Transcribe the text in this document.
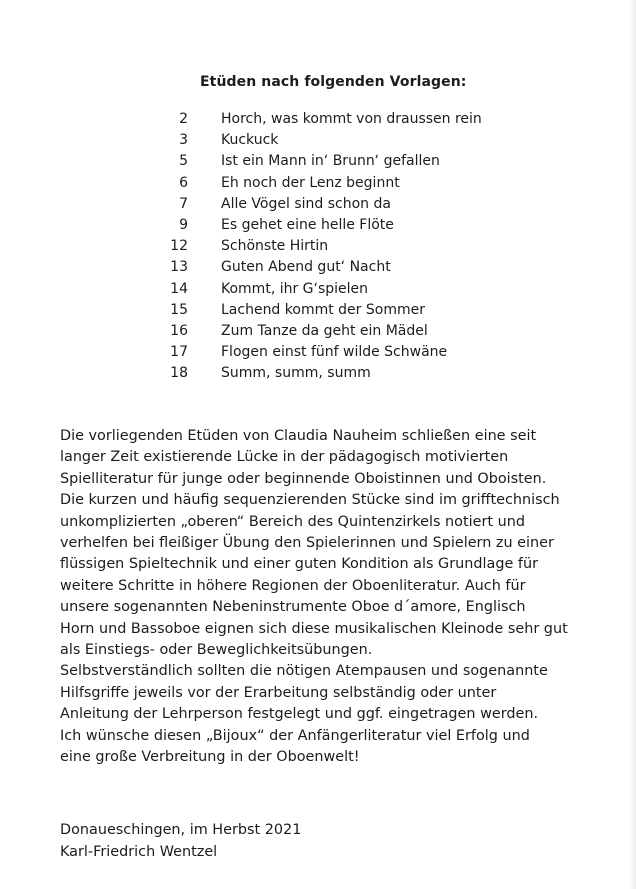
Etüden nach folgenden Vorlagen:
2 Horch, was kommt von draussen rein
3 Kuckuck
5 Ist ein Mann in‘ Brunn‘ gefallen
6 Eh noch der Lenz beginnt
7 Alle Vögel sind schon da
9 Es gehet eine helle Flöte
12 Schönste Hirtin
13 Guten Abend gut‘ Nacht
14 Kommt, ihr G‘spielen
15 Lachend kommt der Sommer
16 Zum Tanze da geht ein Mädel
17 Flogen einst fünf wilde Schwäne
18 Summ, summ, summ
Die vorliegenden Etüden von Claudia Nauheim schließen eine seit
langer Zeit existierende Lücke in der pädagogisch motivierten
Spielliteratur für junge oder beginnende Oboistinnen und Oboisten.
Die kurzen und häufig sequenzierenden Stücke sind im grifftechnisch
unkomplizierten „oberen“ Bereich des Quintenzirkels notiert und
verhelfen bei fleißiger Übung den Spielerinnen und Spielern zu einer
flüssigen Spieltechnik und einer guten Kondition als Grundlage für
weitere Schritte in höhere Regionen der Oboenliteratur. Auch für
unsere sogenannten Nebeninstrumente Oboe d´amore, Englisch
Horn und Bassoboe eignen sich diese musikalischen Kleinode sehr gut
als Einstiegs- oder Beweglichkeitsübungen.
Selbstverständlich sollten die nötigen Atempausen und sogenannte
Hilfsgriffe jeweils vor der Erarbeitung selbständig oder unter
Anleitung der Lehrperson festgelegt und ggf. eingetragen werden.
Ich wünsche diesen „Bijoux“ der Anfängerliteratur viel Erfolg und
eine große Verbreitung in der Oboenwelt!
Donaueschingen, im Herbst 2021
Karl-Friedrich Wentzel
